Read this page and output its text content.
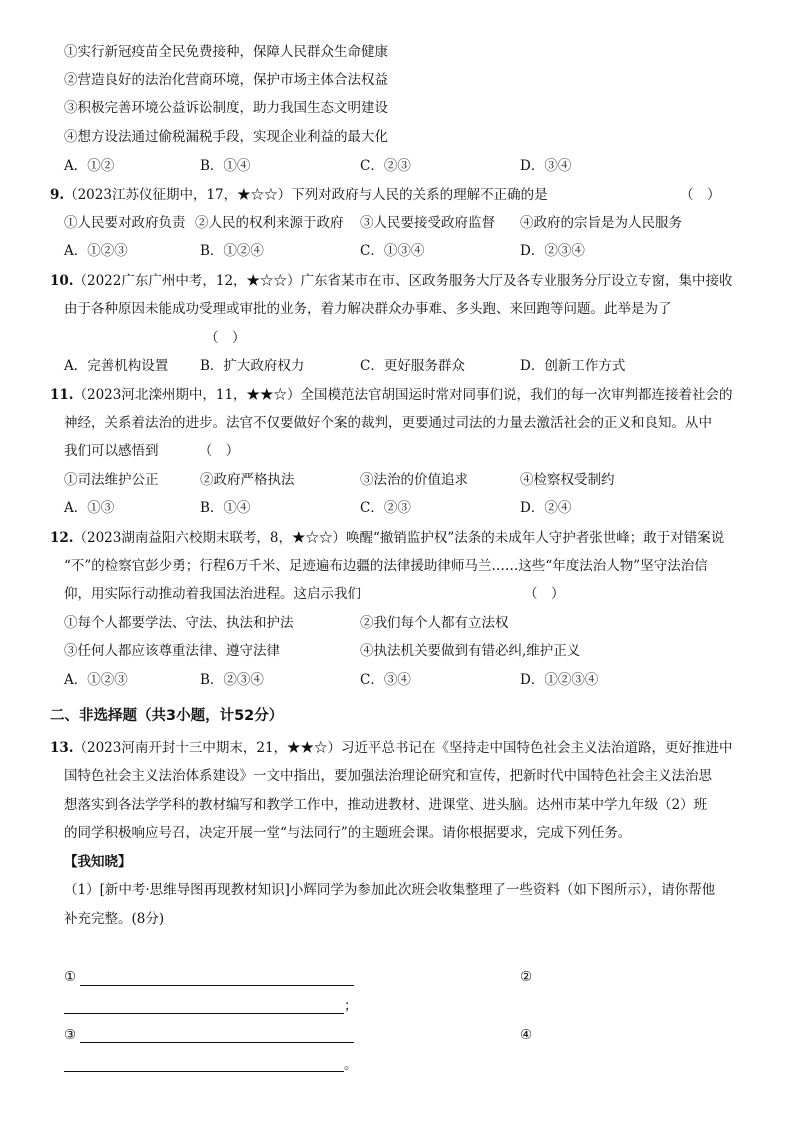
①实行新冠疫苗全民免费接种，保障人民群众生命健康
②营造良好的法治化营商环境，保护市场主体合法权益
③积极完善环境公益诉讼制度，助力我国生态文明建设
④想方设法通过偷税漏税手段，实现企业利益的最大化
A．①②	B．①④	C．②③	D．③④
9.（2023江苏仪征期中，17，★☆☆）下列对政府与人民的关系的理解不正确的是	（　）
①人民要对政府负责 ②人民的权利来源于政府 ③人民要接受政府监督 ④政府的宗旨是为人民服务
A．①②③	B．①②④	C．①③④	D．②③④
10.（2022广东广州中考，12，★☆☆）广东省某市在市、区政务服务大厅及各专业服务分厅设立专窗，集中接收
由于各种原因未能成功受理或审批的业务，着力解决群众办事难、多头跑、来回跑等问题。此举是为了
（　）
A．完善机构设置 B．扩大政府权力	C．更好服务群众	D．创新工作方式
11.（2023河北滦州期中，11，★★☆）全国模范法官胡国运时常对同事们说，我们的每一次审判都连接着社会的
神经，关系着法治的进步。法官不仅要做好个案的裁判，更要通过司法的力量去激活社会的正义和良知。从中
我们可以感悟到	（　）
①司法维护公正	②政府严格执法	③法治的价值追求	④检察权受制约
A．①③	B．①④	C．②③	D．②④
12.（2023湖南益阳六校期末联考，8，★☆☆）唤醒“撤销监护权”法条的未成年人守护者张世峰；敢于对错案说
“不”的检察官彭少勇；行程6万千米、足迹遍布边疆的法律援助律师马兰……这些“年度法治人物”坚守法治信
仰，用实际行动推动着我国法治进程。这启示我们	（　）
①每个人都要学法、守法、执法和护法	②我们每个人都有立法权
③任何人都应该尊重法律、遵守法律	④执法机关要做到有错必纠,维护正义
A．①②③	B．②③④	C．③④	D．①②③④
二、非选择题（共3小题，计52分）
13.（2023河南开封十三中期末，21，★★☆）习近平总书记在《坚持走中国特色社会主义法治道路，更好推进中
国特色社会主义法治体系建设》一文中指出，要加强法治理论研究和宣传，把新时代中国特色社会主义法治思
想落实到各法学学科的教材编写和教学工作中，推动进教材、进课堂、进头脑。达州市某中学九年级（2）班
的同学积极响应号召，决定开展一堂“与法同行”的主题班会课。请你根据要求，完成下列任务。
【我知晓】
（1）[新中考·思维导图再现教材知识]小辉同学为参加此次班会收集整理了一些资料（如下图所示），请你帮他
补充完整。(8分)
①	②
；
③	④
。
